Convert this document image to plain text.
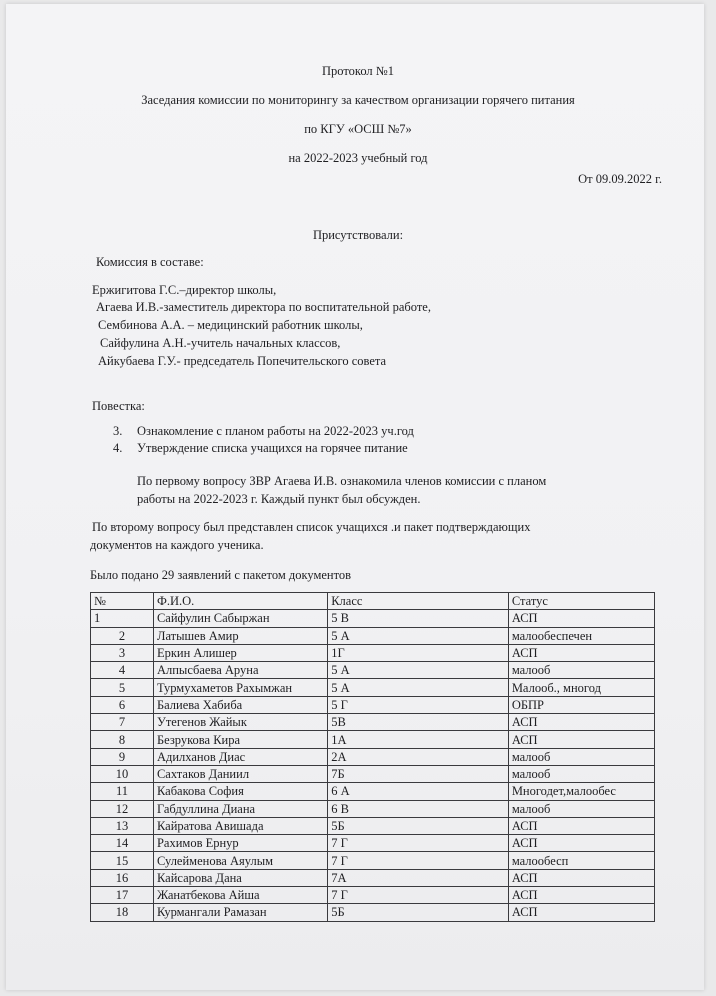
Протокол №1
Заседания комиссии по мониторингу за качеством организации горячего питания
по КГУ «ОСШ №7»
на 2022-2023 учебный год
От 09.09.2022 г.
Присутствовали:
Комиссия в составе:
Ержигитова Г.С.–директор школы,
Агаева И.В.-заместитель директора по воспитательной работе,
Сембинова А.А. – медицинский работник школы,
Сайфулина А.Н.-учитель начальных классов,
Айкубаева Г.У.- председатель Попечительского совета
Повестка:
3. Ознакомление с планом работы на 2022-2023 уч.год
4. Утверждение списка учащихся на горячее питание
По первому вопросу ЗВР Агаева И.В. ознакомила членов комиссии с планом
работы на 2022-2023 г. Каждый пункт был обсужден.
По второму вопросу был представлен список учащихся .и пакет подтверждающих
документов на каждого ученика.
Было подано 29 заявлений с пакетом документов
№	Ф.И.О.	Класс	Статус
1	Сайфулин Сабыржан	5 В	АСП
2	Латышев Амир	5 А	малообеспечен
3	Еркин Алишер	1Г	АСП
4	Алпысбаева Аруна	5 А	малооб
5	Турмухаметов Рахымжан	5 А	Малооб., многод
6	Балиева Хабиба	5 Г	ОБПР
7	Утегенов Жайык	5В	АСП
8	Безрукова Кира	1А	АСП
9	Адилханов Диас	2А	малооб
10	Сахтаков Даниил	7Б	малооб
11	Кабакова София	6 А	Многодет,малообес
12	Габдуллина Диана	6 В	малооб
13	Кайратова Авишада	5Б	АСП
14	Рахимов Ернур	7 Г	АСП
15	Сулейменова Аяулым	7 Г	малообесп
16	Кайсарова Дана	7А	АСП
17	Жанатбекова Айша	7 Г	АСП
18	Курмангали Рамазан	5Б	АСП
